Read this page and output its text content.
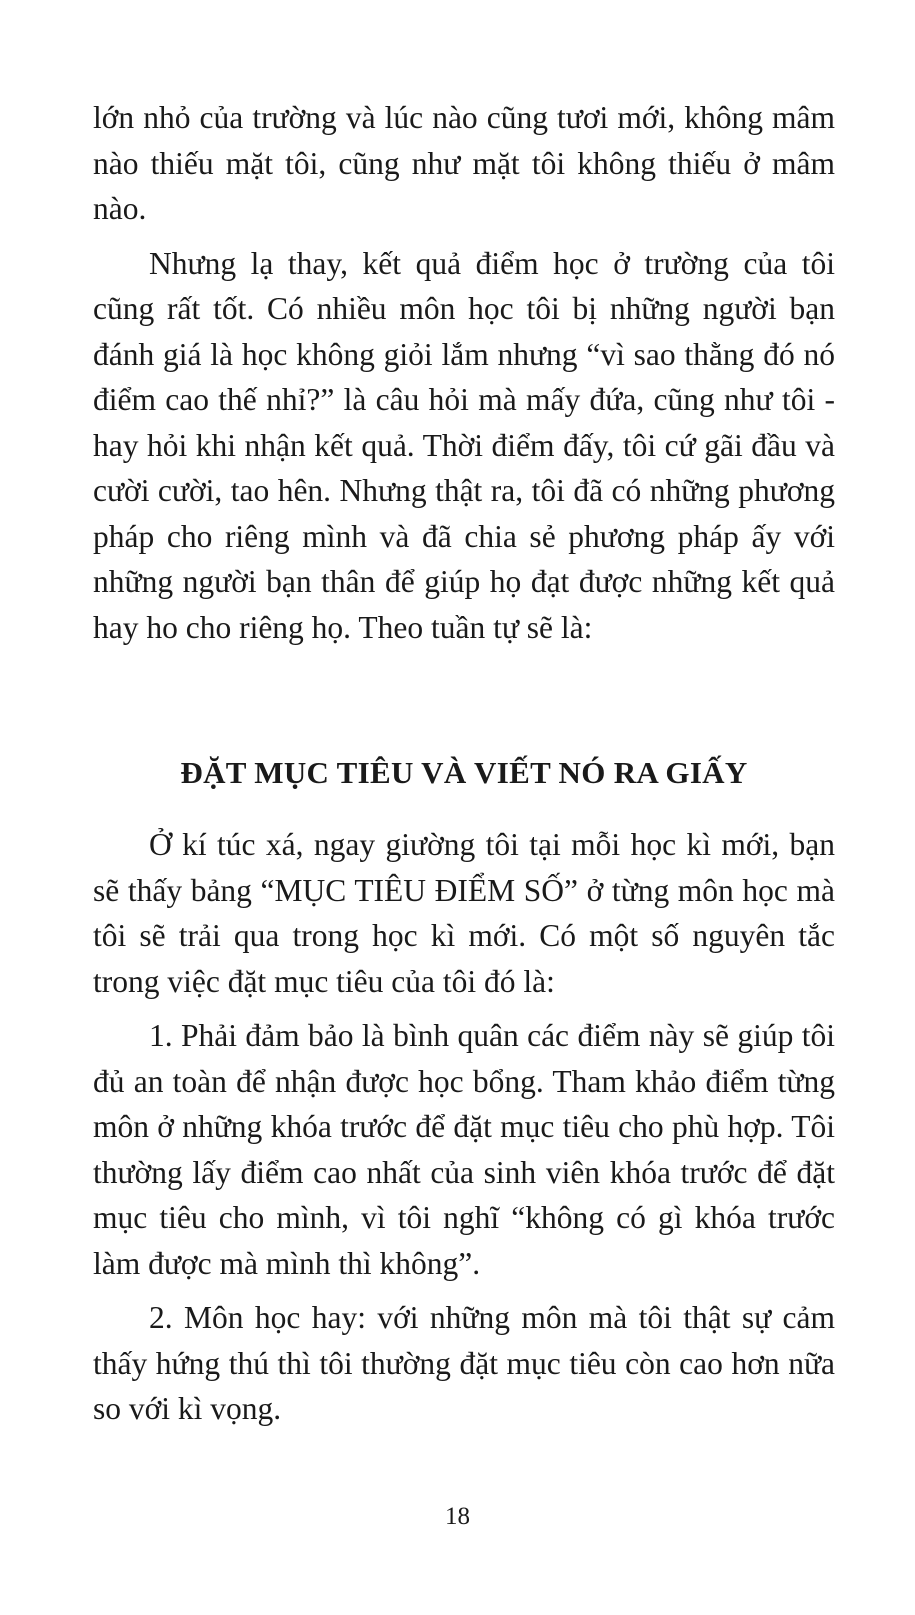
lớn nhỏ của trường và lúc nào cũng tươi mới, không mâm nào thiếu mặt tôi, cũng như mặt tôi không thiếu ở mâm nào.

Nhưng lạ thay, kết quả điểm học ở trường của tôi cũng rất tốt. Có nhiều môn học tôi bị những người bạn đánh giá là học không giỏi lắm nhưng “vì sao thằng đó nó điểm cao thế nhỉ?” là câu hỏi mà mấy đứa, cũng như tôi - hay hỏi khi nhận kết quả. Thời điểm đấy, tôi cứ gãi đầu và cười cười, tao hên. Nhưng thật ra, tôi đã có những phương pháp cho riêng mình và đã chia sẻ phương pháp ấy với những người bạn thân để giúp họ đạt được những kết quả hay ho cho riêng họ. Theo tuần tự sẽ là:

ĐẶT MỤC TIÊU VÀ VIẾT NÓ RA GIẤY

Ở kí túc xá, ngay giường tôi tại mỗi học kì mới, bạn sẽ thấy bảng “MỤC TIÊU ĐIỂM SỐ” ở từng môn học mà tôi sẽ trải qua trong học kì mới. Có một số nguyên tắc trong việc đặt mục tiêu của tôi đó là:

1. Phải đảm bảo là bình quân các điểm này sẽ giúp tôi đủ an toàn để nhận được học bổng. Tham khảo điểm từng môn ở những khóa trước để đặt mục tiêu cho phù hợp. Tôi thường lấy điểm cao nhất của sinh viên khóa trước để đặt mục tiêu cho mình, vì tôi nghĩ “không có gì khóa trước làm được mà mình thì không”.

2. Môn học hay: với những môn mà tôi thật sự cảm thấy hứng thú thì tôi thường đặt mục tiêu còn cao hơn nữa so với kì vọng.

18
